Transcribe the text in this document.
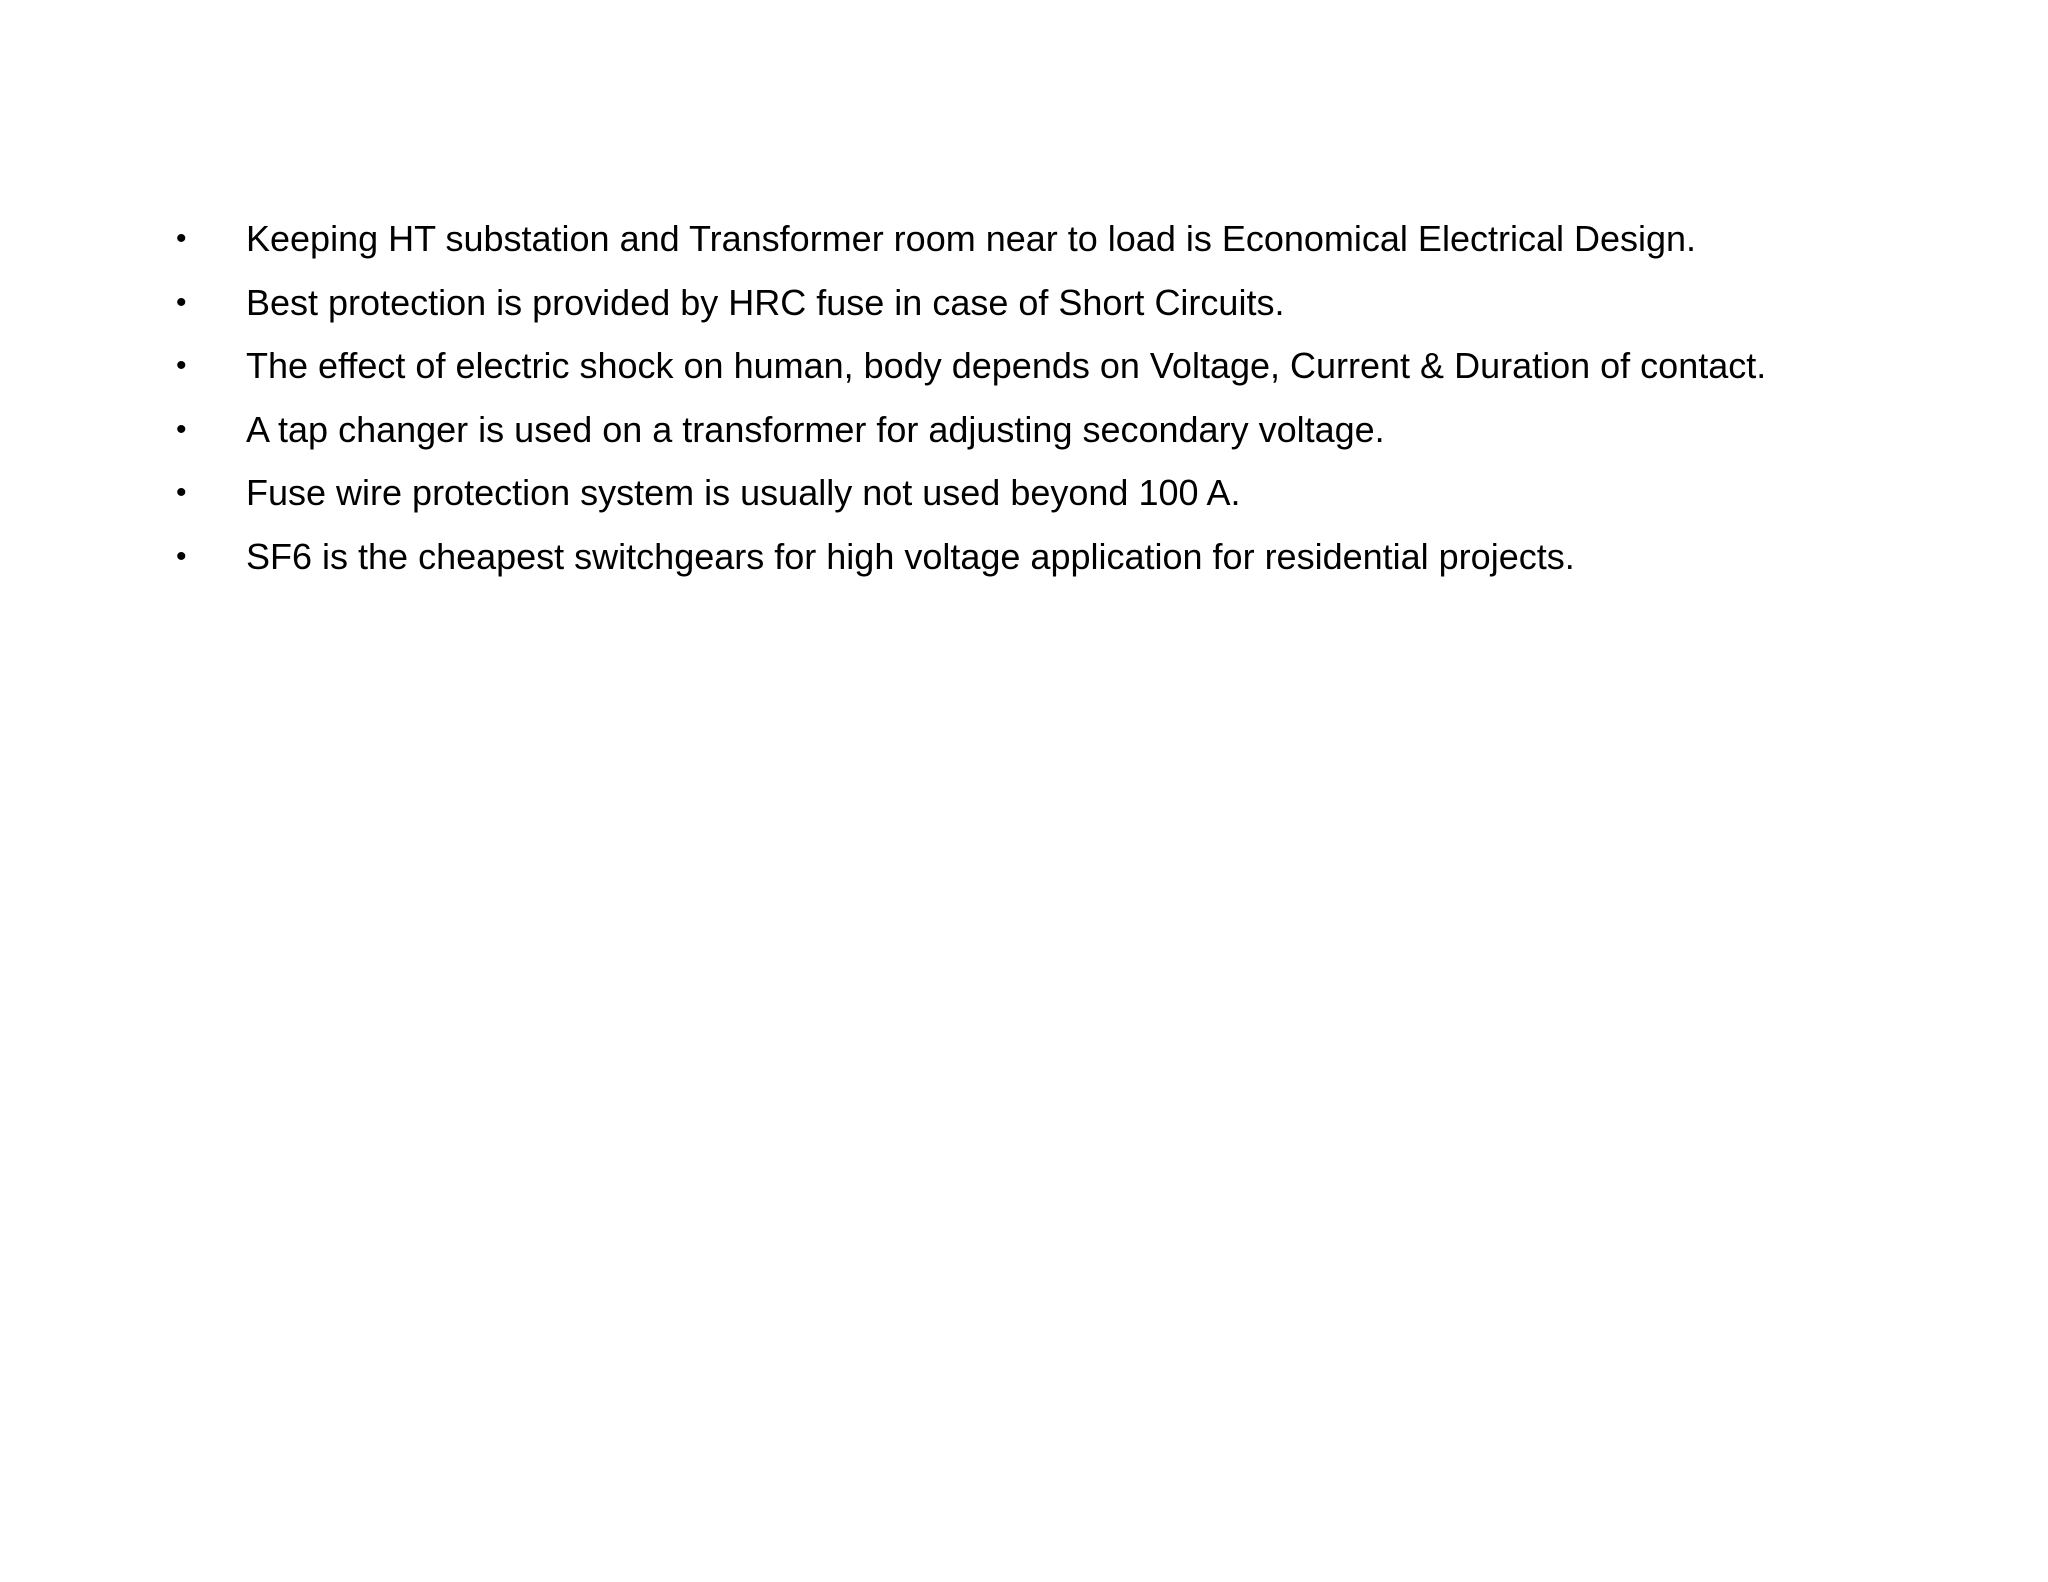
•	Keeping HT substation and Transformer room near to load is Economical Electrical Design.
•	Best protection is provided by HRC fuse in case of Short Circuits.
•	The effect of electric shock on human, body depends on Voltage, Current & Duration of contact.
•	A tap changer is used on a transformer for adjusting secondary voltage.
•	Fuse wire protection system is usually not used beyond 100 A.
•	SF6 is the cheapest switchgears for high voltage application for residential projects.
